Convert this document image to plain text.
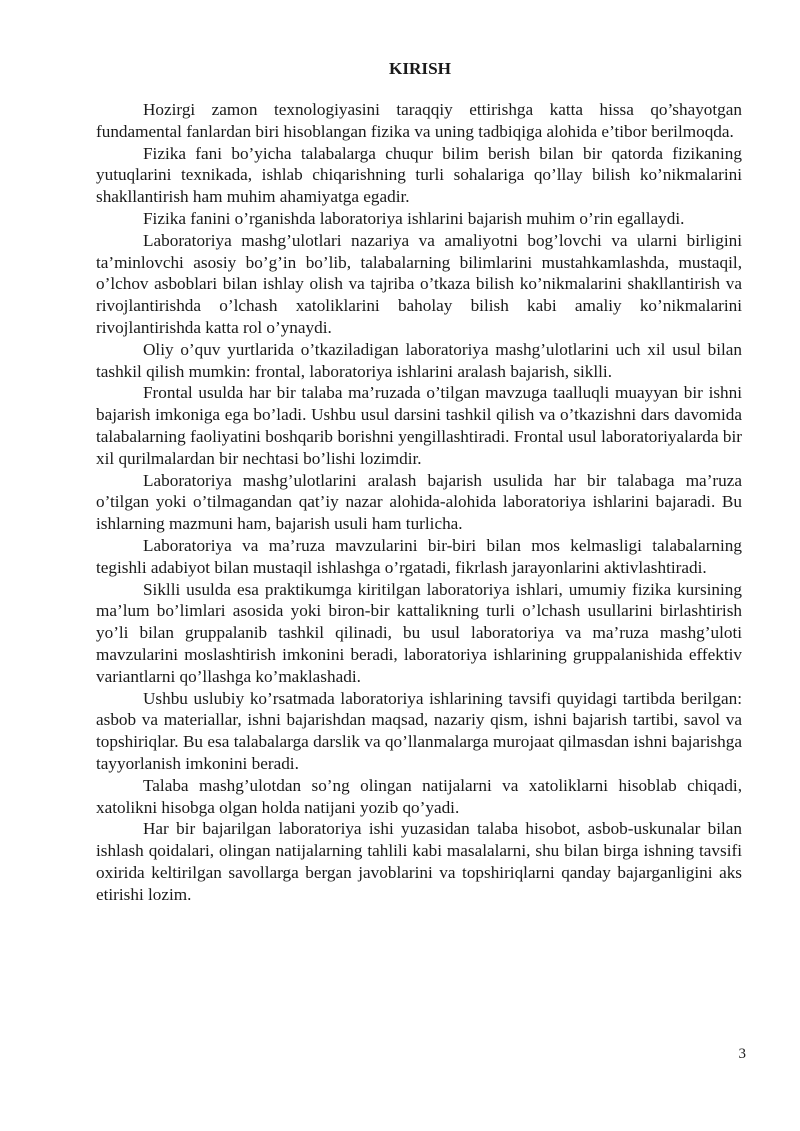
KIRISH

Hozirgi zamon texnologiyasini taraqqiy ettirishga katta hissa qo’shayotgan fundamental fanlardan biri hisoblangan fizika va uning tadbiqiga alohida e’tibor berilmoqda.

Fizika fani bo’yicha talabalarga chuqur bilim berish bilan bir qatorda fizikaning yutuqlarini texnikada, ishlab chiqarishning turli sohalariga qo’llay bilish ko’nikmalarini shakllantirish ham muhim ahamiyatga egadir.

Fizika fanini o’rganishda laboratoriya ishlarini bajarish muhim o’rin egallaydi.

Laboratoriya mashg’ulotlari nazariya va amaliyotni bog’lovchi va ularni birligini ta’minlovchi asosiy bo’g’in bo’lib, talabalarning bilimlarini mustahkamlashda, mustaqil, o’lchov asboblari bilan ishlay olish va tajriba o’tkaza bilish ko’nikmalarini shakllantirish va rivojlantirishda o’lchash xatoliklarini baholay bilish kabi amaliy ko’nikmalarini rivojlantirishda katta rol o’ynaydi.

Oliy o’quv yurtlarida o’tkaziladigan laboratoriya mashg’ulotlarini uch xil usul bilan tashkil qilish mumkin: frontal, laboratoriya ishlarini aralash bajarish, siklli.

Frontal usulda har bir talaba ma’ruzada o’tilgan mavzuga taalluqli muayyan bir ishni bajarish imkoniga ega bo’ladi. Ushbu usul darsini tashkil qilish va o’tkazishni dars davomida talabalarning faoliyatini boshqarib borishni yengillashtiradi. Frontal usul laboratoriyalarda bir xil qurilmalardan bir nechtasi bo’lishi lozimdir.

Laboratoriya mashg’ulotlarini aralash bajarish usulida har bir talabaga ma’ruza o’tilgan yoki o’tilmagandan qat’iy nazar alohida-alohida laboratoriya ishlarini bajaradi. Bu ishlarning mazmuni ham, bajarish usuli ham turlicha.

Laboratoriya va ma’ruza mavzularini bir-biri bilan mos kelmasligi talabalarning tegishli adabiyot bilan mustaqil ishlashga o’rgatadi, fikrlash jarayonlarini aktivlashtiradi.

Siklli usulda esa praktikumga kiritilgan laboratoriya ishlari, umumiy fizika kursining ma’lum bo’limlari asosida yoki biron-bir kattalikning turli o’lchash usullarini birlashtirish yo’li bilan gruppalanib tashkil qilinadi, bu usul laboratoriya va ma’ruza mashg’uloti mavzularini moslashtirish imkonini beradi, laboratoriya ishlarining gruppalanishida effektiv variantlarni qo’llashga ko’maklashadi.

Ushbu uslubiy ko’rsatmada laboratoriya ishlarining tavsifi quyidagi tartibda berilgan: asbob va materiallar, ishni bajarishdan maqsad, nazariy qism, ishni bajarish tartibi, savol va topshiriqlar. Bu esa talabalarga darslik va qo’llanmalarga murojaat qilmasdan ishni bajarishga tayyorlanish imkonini beradi.

Talaba mashg’ulotdan so’ng olingan natijalarni va xatoliklarni hisoblab chiqadi, xatolikni hisobga olgan holda natijani yozib qo’yadi.

Har bir bajarilgan laboratoriya ishi yuzasidan talaba hisobot, asbob-uskunalar bilan ishlash qoidalari, olingan natijalarning tahlili kabi masalalarni, shu bilan birga ishning tavsifi oxirida keltirilgan savollarga bergan javoblarini va topshiriqlarni qanday bajarganligini aks etirishi lozim.

3
